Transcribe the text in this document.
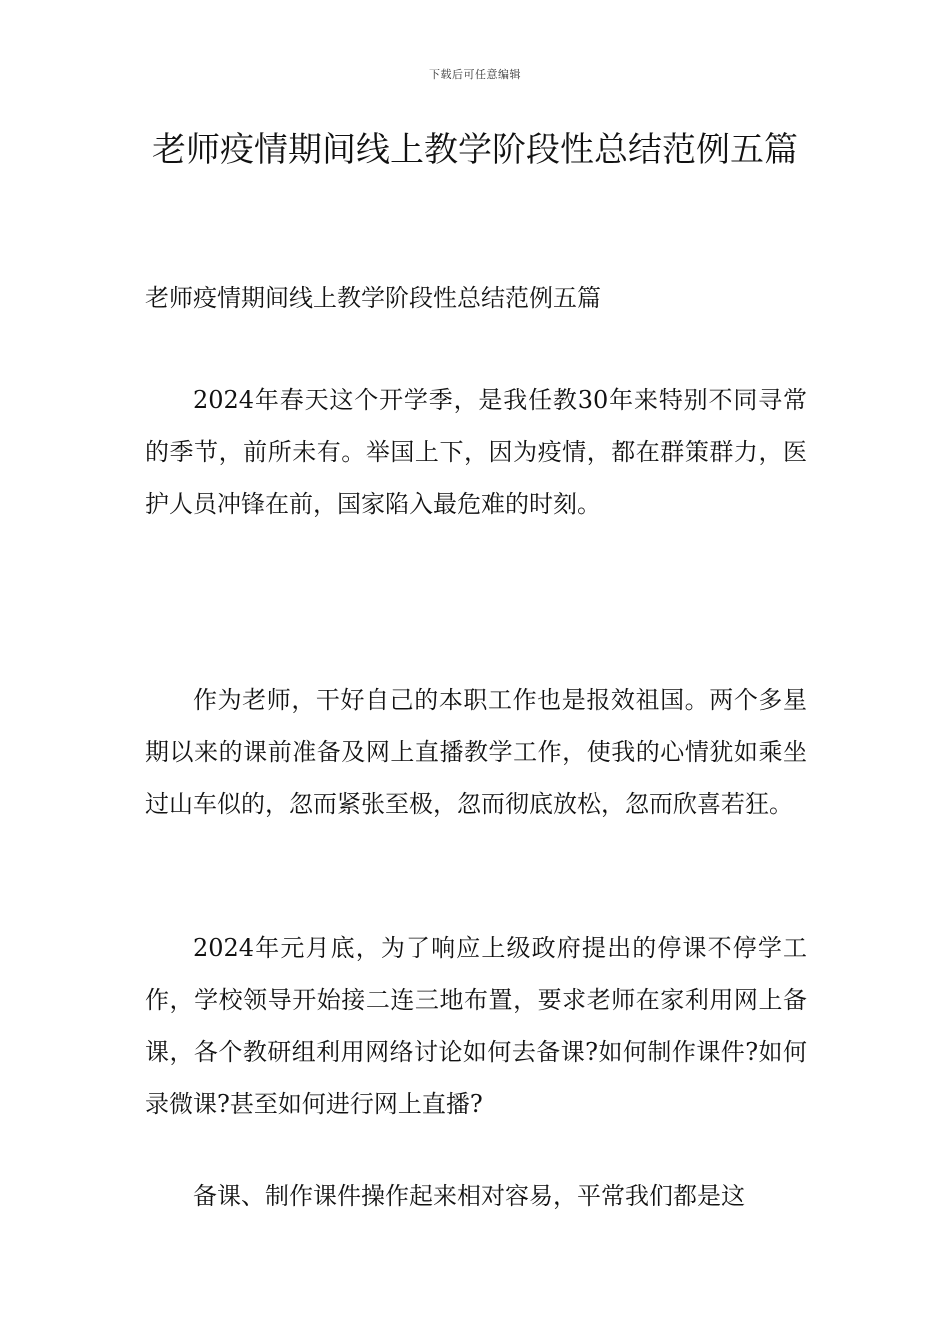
下载后可任意编辑
老师疫情期间线上教学阶段性总结范例五篇

老师疫情期间线上教学阶段性总结范例五篇

2024年春天这个开学季，是我任教30年来特别不同寻常的季节，前所未有。举国上下，因为疫情，都在群策群力，医护人员冲锋在前，国家陷入最危难的时刻。

作为老师，干好自己的本职工作也是报效祖国。两个多星期以来的课前准备及网上直播教学工作，使我的心情犹如乘坐过山车似的，忽而紧张至极，忽而彻底放松，忽而欣喜若狂。

2024年元月底，为了响应上级政府提出的停课不停学工作，学校领导开始接二连三地布置，要求老师在家利用网上备课，各个教研组利用网络讨论如何去备课?如何制作课件?如何录微课?甚至如何进行网上直播?

备课、制作课件操作起来相对容易，平常我们都是这
